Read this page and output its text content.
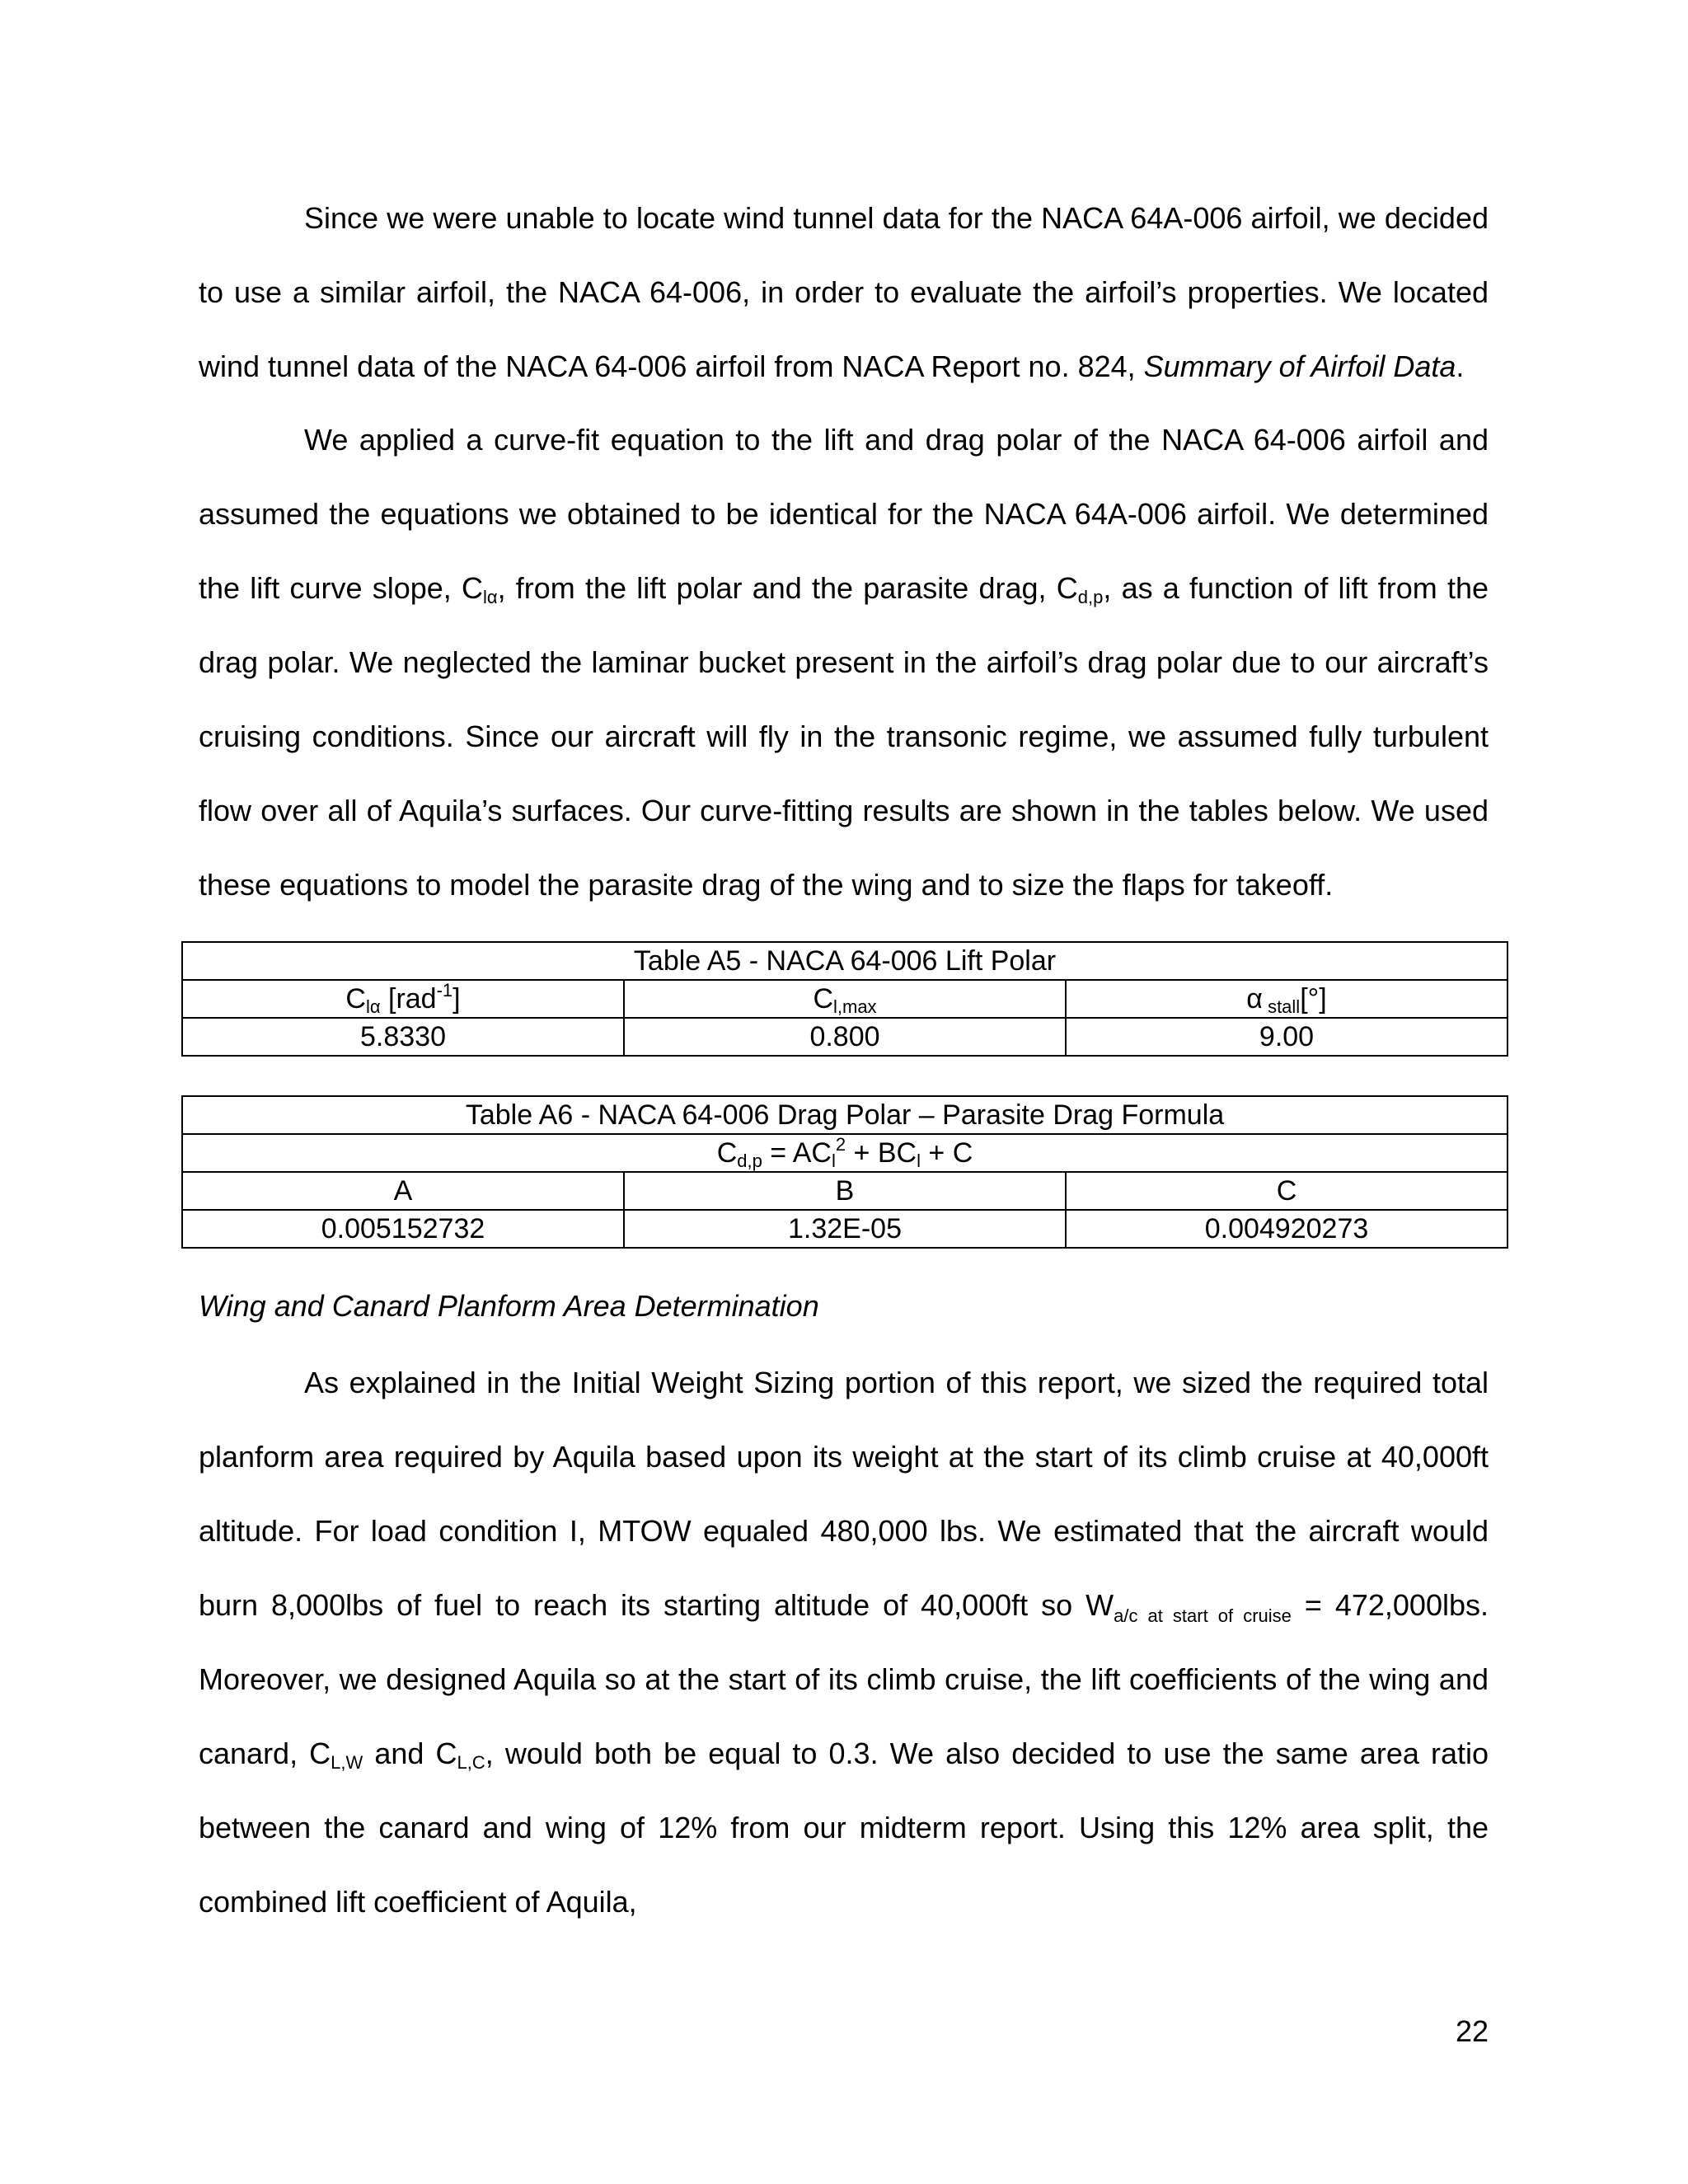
Since we were unable to locate wind tunnel data for the NACA 64A-006 airfoil, we decided to use a similar airfoil, the NACA 64-006, in order to evaluate the airfoil’s properties. We located wind tunnel data of the NACA 64-006 airfoil from NACA Report no. 824, Summary of Airfoil Data.

We applied a curve-fit equation to the lift and drag polar of the NACA 64-006 airfoil and assumed the equations we obtained to be identical for the NACA 64A-006 airfoil. We determined the lift curve slope, $C_{l\alpha}$, from the lift polar and the parasite drag, $C_{d,p}$, as a function of lift from the drag polar. We neglected the laminar bucket present in the airfoil’s drag polar due to our aircraft’s cruising conditions. Since our aircraft will fly in the transonic regime, we assumed fully turbulent flow over all of Aquila’s surfaces. Our curve-fitting results are shown in the tables below. We used these equations to model the parasite drag of the wing and to size the flaps for takeoff.

Table A5 - NACA 64-006 Lift Polar		
$C_{l\alpha}$ [rad$^{-1}$]	$C_{l,max}$	α $_{stall}$[°]
5.8330	0.800	9.00
Table A6 - NACA 64-006 Drag Polar – Parasite Drag Formula		
$C_{d,p} = AC_l^2 + BC_l + C$		
A	B	C
0.005152732	1.32E-05	0.004920273
Wing and Canard Planform Area Determination

As explained in the Initial Weight Sizing portion of this report, we sized the required total planform area required by Aquila based upon its weight at the start of its climb cruise at 40,000ft altitude. For load condition I, MTOW equaled 480,000 lbs. We estimated that the aircraft would burn 8,000lbs of fuel to reach its starting altitude of 40,000ft so $W_{a/c at start of cruise} = 472,000lbs$. Moreover, we designed Aquila so at the start of its climb cruise, the lift coefficients of the wing and canard, $C_{L,W}$ and $C_{L,C}$, would both be equal to 0.3. We also decided to use the same area ratio between the canard and wing of 12% from our midterm report. Using this 12% area split, the combined lift coefficient of Aquila,

22
